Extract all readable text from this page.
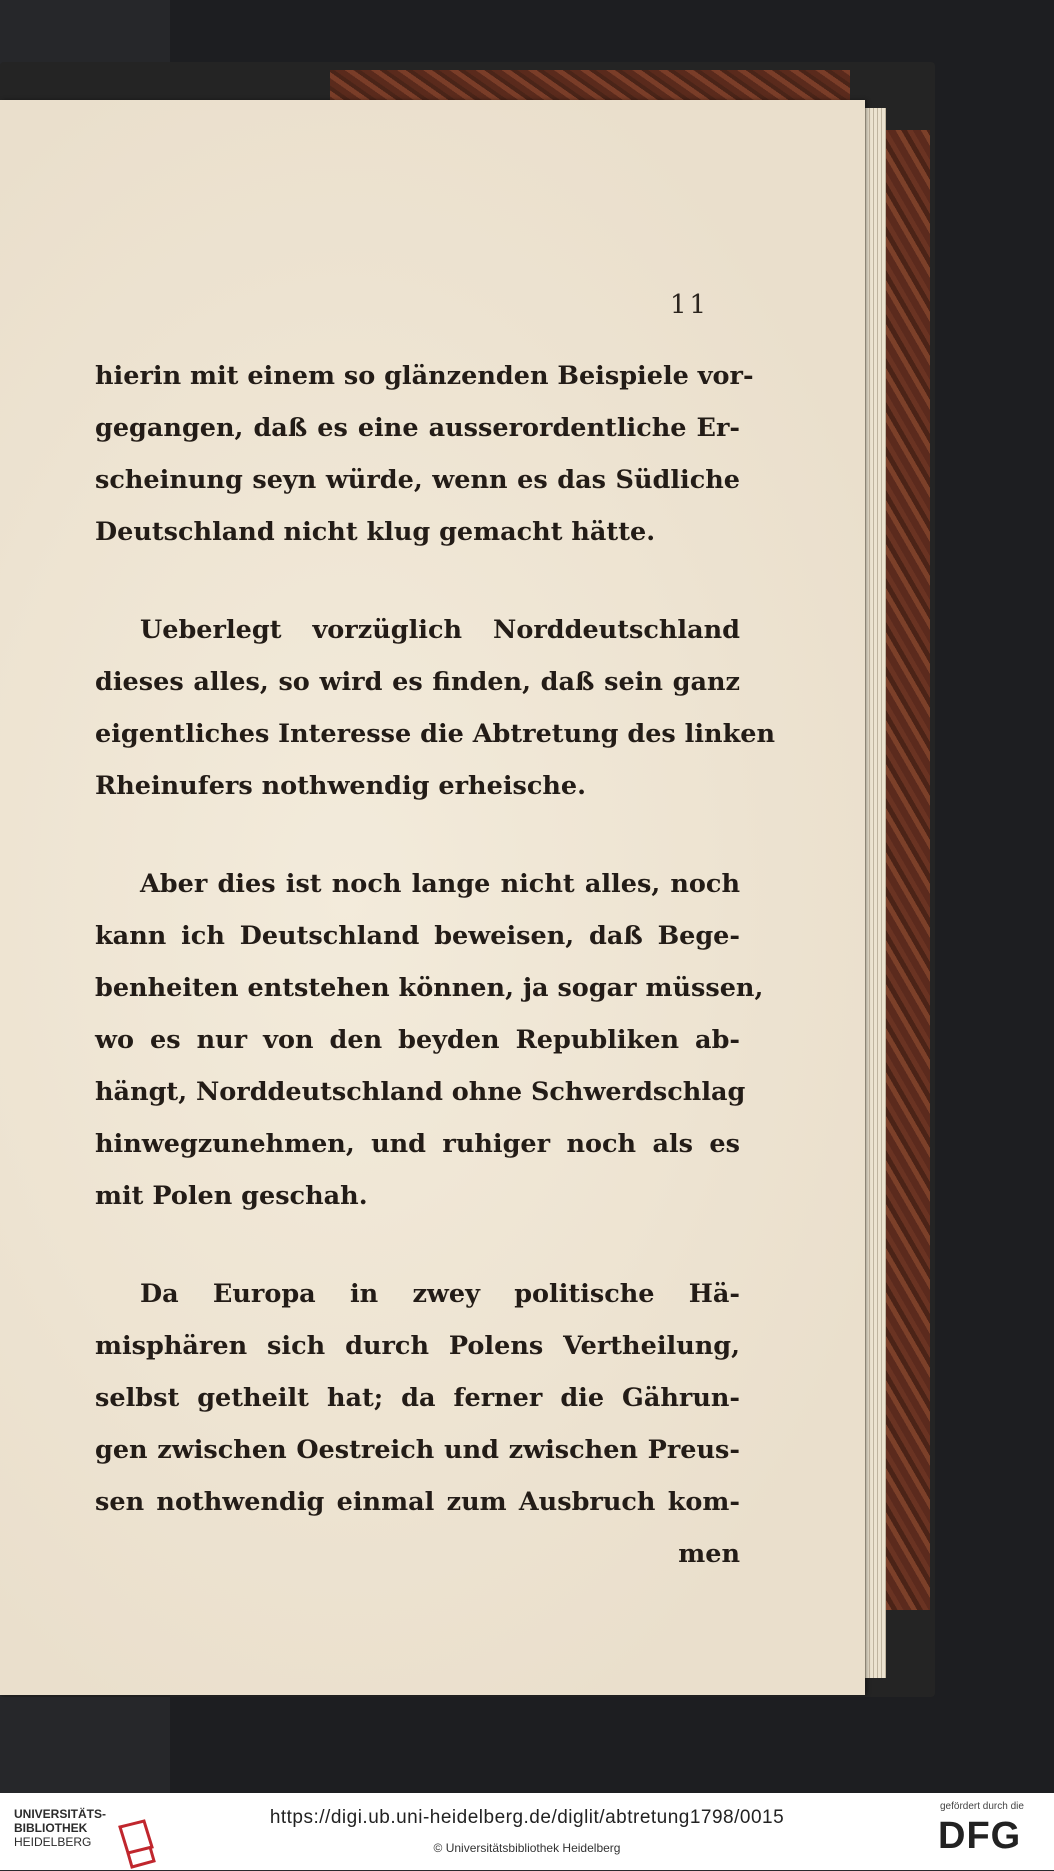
11
hierin mit einem so glänzenden Beispiele vor-
gegangen, daß es eine ausserordentliche Er-
scheinung seyn würde, wenn es das Südliche
Deutschland nicht klug gemacht hätte.
Ueberlegt vorzüglich Norddeutschland
dieses alles, so wird es finden, daß sein ganz
eigentliches Interesse die Abtretung des linken
Rheinufers nothwendig erheische.
Aber dies ist noch lange nicht alles, noch
kann ich Deutschland beweisen, daß Bege-
benheiten entstehen können, ja sogar müssen,
wo es nur von den beyden Republiken ab-
hängt, Norddeutschland ohne Schwerdschlag
hinwegzunehmen, und ruhiger noch als es
mit Polen geschah.
Da Europa in zwey politische Hä-
misphären sich durch Polens Vertheilung,
selbst getheilt hat; da ferner die Gährun-
gen zwischen Oestreich und zwischen Preus-
sen nothwendig einmal zum Ausbruch kom-
men
UNIVERSITÄTS-
BIBLIOTHEK
HEIDELBERG
https://digi.ub.uni-heidelberg.de/diglit/abtretung1798/0015
© Universitätsbibliothek Heidelberg
gefördert durch die
DFG
